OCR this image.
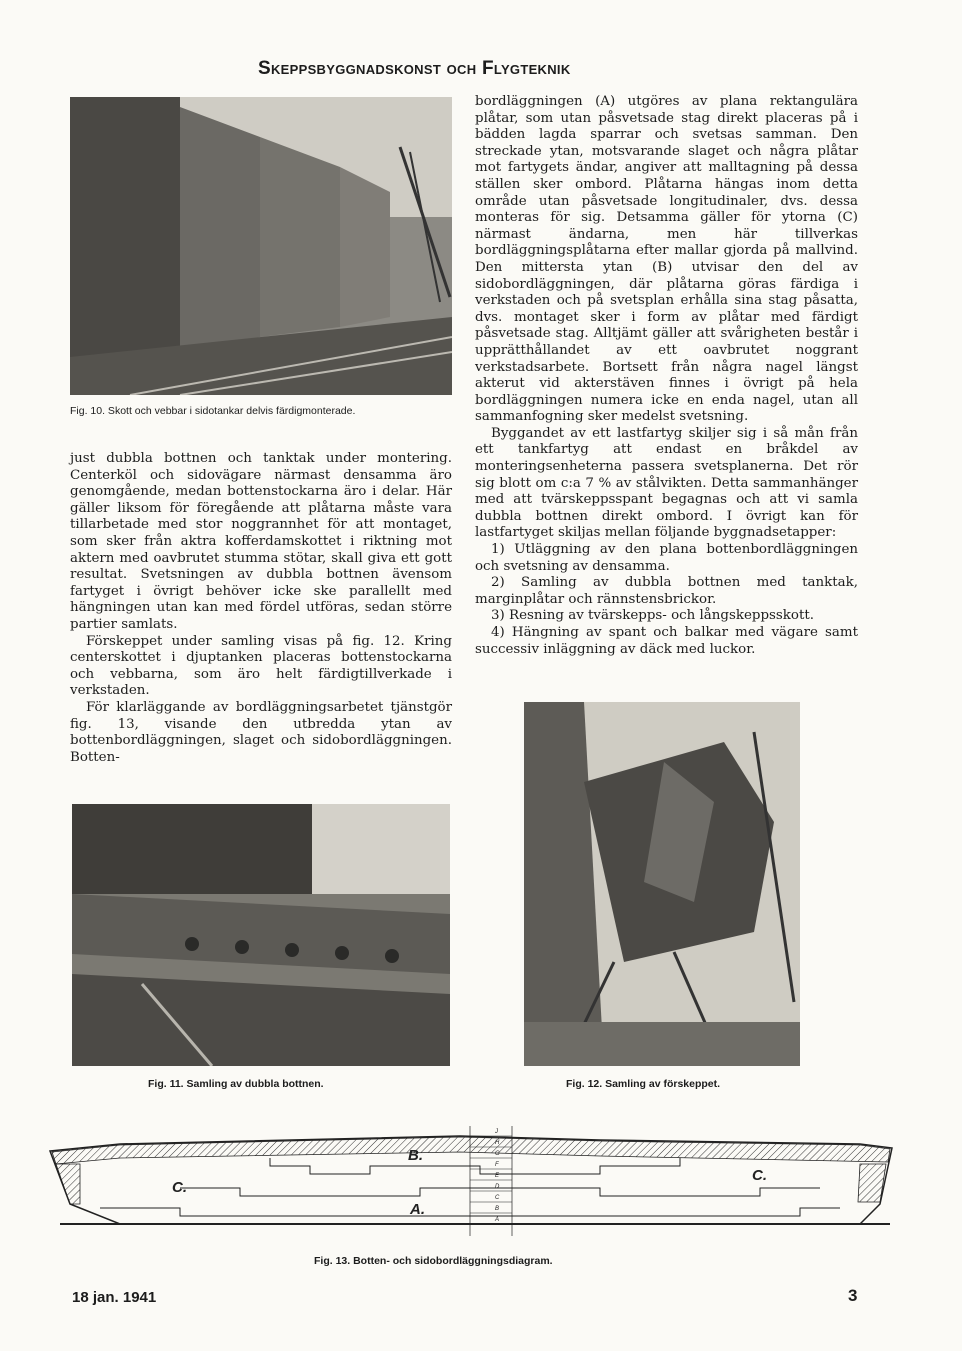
Skeppsbyggnadskonst och Flygteknik
Fig. 10. Skott och vebbar i sidotankar delvis färdigmonterade.

just dubbla bottnen och tanktak under montering. Centerköl och sidovägare närmast densamma äro genomgående, medan bottenstockarna äro i delar. Här gäller liksom för föregående att plåtarna måste vara tillarbetade med stor noggrannhet för att montaget, som sker från aktra kofferdamskottet i riktning mot aktern med oavbrutet stumma stötar, skall giva ett gott resultat. Svetsningen av dubbla bottnen ävensom fartyget i övrigt behöver icke ske parallellt med hängningen utan kan med fördel utföras, sedan större partier samlats.

Förskeppet under samling visas på fig. 12. Kring centerskottet i djuptanken placeras bottenstockarna och vebbarna, som äro helt färdigtillverkade i verkstaden.

För klarläggande av bordläggningsarbetet tjänstgör fig. 13, visande den utbredda ytan av bottenbordläggningen, slaget och sidobordläggningen. Botten-

bordläggningen (A) utgöres av plana rektangulära plåtar, som utan påsvetsade stag direkt placeras på i bädden lagda sparrar och svetsas samman. Den streckade ytan, motsvarande slaget och några plåtar mot fartygets ändar, angiver att malltagning på dessa ställen sker ombord. Plåtarna hängas inom detta område utan påsvetsade longitudinaler, dvs. dessa monteras för sig. Detsamma gäller för ytorna (C) närmast ändarna, men här tillverkas bordläggningsplåtarna efter mallar gjorda på mallvind. Den mittersta ytan (B) utvisar den del av sidobordläggningen, där plåtarna göras färdiga i verkstaden och på svetsplan erhålla sina stag påsatta, dvs. montaget sker i form av plåtar med färdigt påsvetsade stag. Alltjämt gäller att svårigheten består i upprätthållandet av ett oavbrutet noggrant verkstadsarbete. Bortsett från några nagel längst akterut vid akterstäven finnes i övrigt på hela bordläggningen numera icke en enda nagel, utan all sammanfogning sker medelst svetsning.

Byggandet av ett lastfartyg skiljer sig i så mån från ett tankfartyg att endast en bråkdel av monteringsenheterna passera svetsplanerna. Det rör sig blott om c:a 7 % av stålvikten. Detta sammanhänger med att tvärskeppsspant begagnas och att vi samla dubbla bottnen direkt ombord. I övrigt kan för lastfartyget skiljas mellan följande byggnadsetapper:

1) Utläggning av den plana bottenbordläggningen och svetsning av densamma.

2) Samling av dubbla bottnen med tanktak, marginplåtar och rännstensbrickor.

3) Resning av tvärskepps- och långskeppsskott.

4) Hängning av spant och balkar med vägare samt successiv inläggning av däck med luckor.

Fig. 11. Samling av dubbla bottnen.	Fig. 12. Samling av förskeppet.
J
H
G
F
E
D
C
B
A
B.
C.
C.
A.
Fig. 13. Botten- och sidobordläggningsdiagram.
18 jan. 1941	3
